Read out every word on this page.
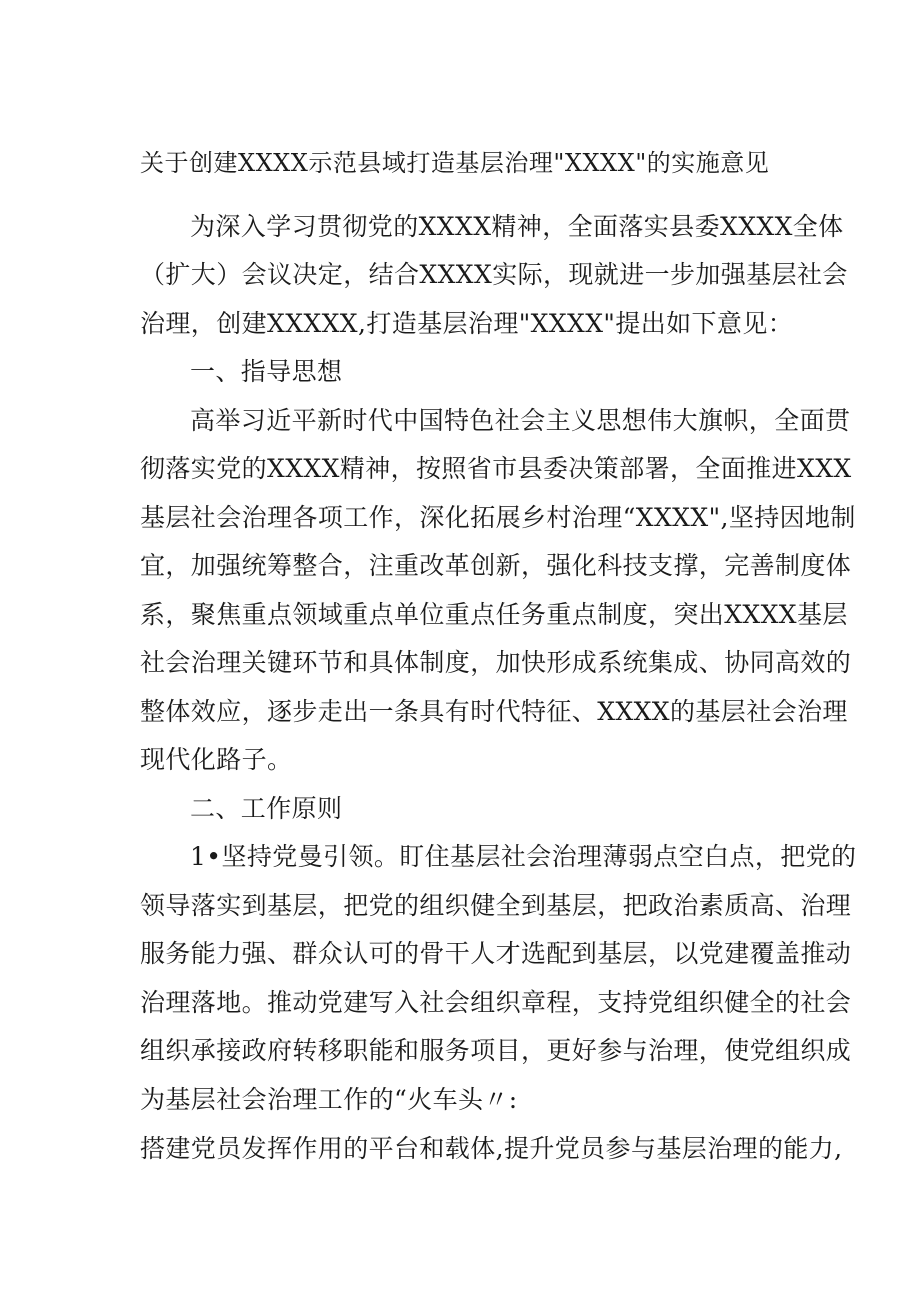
关于创建XXXX示范县域打造基层治理"XXXX"的实施意见
为深入学习贯彻党的XXXX精神，全面落实县委XXXX全体
（扩大）会议决定，结合XXXX实际，现就进一步加强基层社会
治理，创建XXXXX,打造基层治理"XXXX"提出如下意见：
一、指导思想
高举习近平新时代中国特色社会主义思想伟大旗帜，全面贯
彻落实党的XXXX精神，按照省市县委决策部署，全面推进XXX
基层社会治理各项工作，深化拓展乡村治理“XXXX",坚持因地制
宜，加强统筹整合，注重改革创新，强化科技支撑，完善制度体
系，聚焦重点领域重点单位重点任务重点制度，突出XXXX基层
社会治理关键环节和具体制度，加快形成系统集成、协同高效的
整体效应，逐步走出一条具有时代特征、XXXX的基层社会治理
现代化路子。
二、工作原则
1•坚持党曼引领。盯住基层社会治理薄弱点空白点，把党的
领导落实到基层，把党的组织健全到基层，把政治素质高、治理
服务能力强、群众认可的骨干人才选配到基层，以党建覆盖推动
治理落地。推动党建写入社会组织章程，支持党组织健全的社会
组织承接政府转移职能和服务项目，更好参与治理，使党组织成
为基层社会治理工作的“火车头〃:
搭建党员发挥作用的平台和载体,提升党员参与基层治理的能力,
